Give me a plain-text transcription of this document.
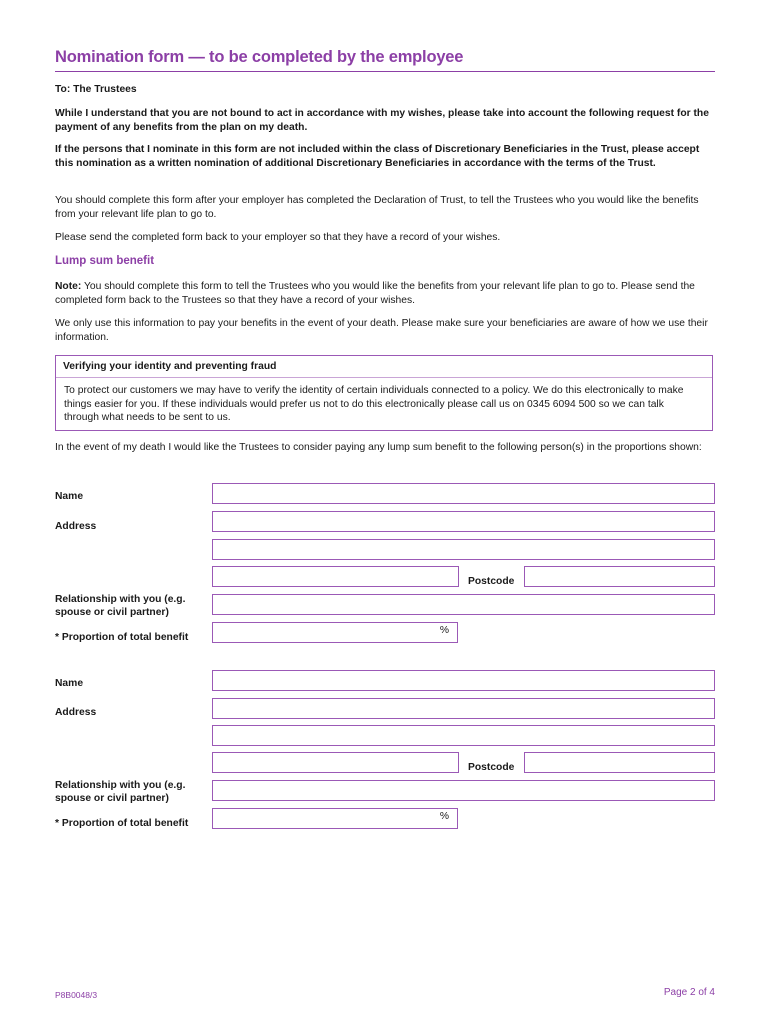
Nomination form — to be completed by the employee
To: The Trustees
While I understand that you are not bound to act in accordance with my wishes, please take into account the following request for the payment of any benefits from the plan on my death.
If the persons that I nominate in this form are not included within the class of Discretionary Beneficiaries in the Trust, please accept this nomination as a written nomination of additional Discretionary Beneficiaries in accordance with the terms of the Trust.
You should complete this form after your employer has completed the Declaration of Trust, to tell the Trustees who you would like the benefits from your relevant life plan to go to.
Please send the completed form back to your employer so that they have a record of your wishes.
Lump sum benefit
Note: You should complete this form to tell the Trustees who you would like the benefits from your relevant life plan to go to. Please send the completed form back to the Trustees so that they have a record of your wishes.
We only use this information to pay your benefits in the event of your death. Please make sure your beneficiaries are aware of how we use their information.
Verifying your identity and preventing fraud
To protect our customers we may have to verify the identity of certain individuals connected to a policy. We do this electronically to make things easier for you. If these individuals would prefer us not to do this electronically please call us on 0345 6094 500 so we can talk through what needs to be sent to us.
In the event of my death I would like the Trustees to consider paying any lump sum benefit to the following person(s) in the proportions shown:
Name
Address
Postcode
Relationship with you (e.g. spouse or civil partner)
* Proportion of total benefit
%
Name
Address
Postcode
Relationship with you (e.g. spouse or civil partner)
* Proportion of total benefit
%
P8B0048/3	Page 2 of 4
